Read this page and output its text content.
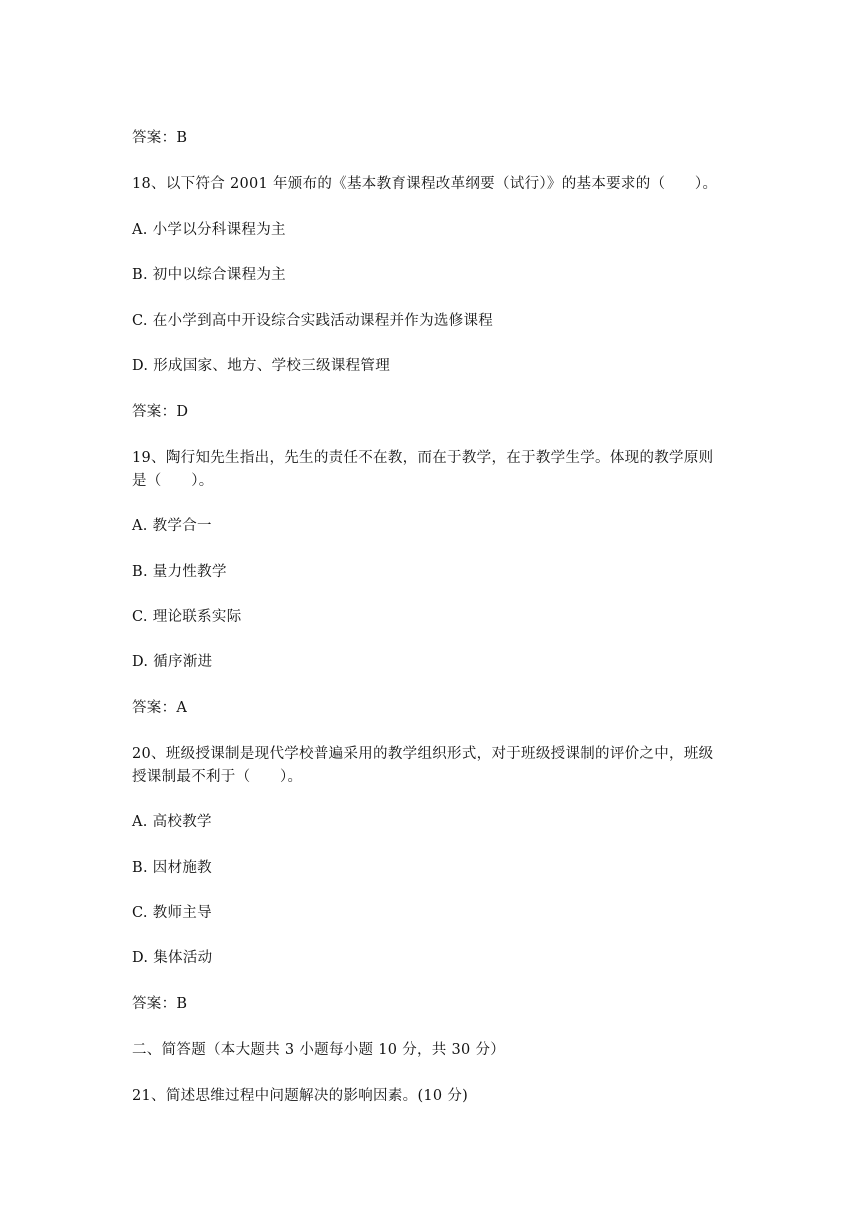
答案：B
18、以下符合 2001 年颁布的《基本教育课程改革纲要（试行）》的基本要求的（　　）。
A. 小学以分科课程为主
B. 初中以综合课程为主
C. 在小学到高中开设综合实践活动课程并作为选修课程
D. 形成国家、地方、学校三级课程管理
答案：D
19、陶行知先生指出，先生的责任不在教，而在于教学，在于教学生学。体现的教学原则
是（　　）。
A. 教学合一
B. 量力性教学
C. 理论联系实际
D. 循序渐进
答案：A
20、班级授课制是现代学校普遍采用的教学组织形式，对于班级授课制的评价之中，班级
授课制最不利于（　　）。
A. 高校教学
B. 因材施教
C. 教师主导
D. 集体活动
答案：B
二、简答题（本大题共 3 小题每小题 10 分，共 30 分）
21、简述思维过程中问题解决的影响因素。(10 分)
